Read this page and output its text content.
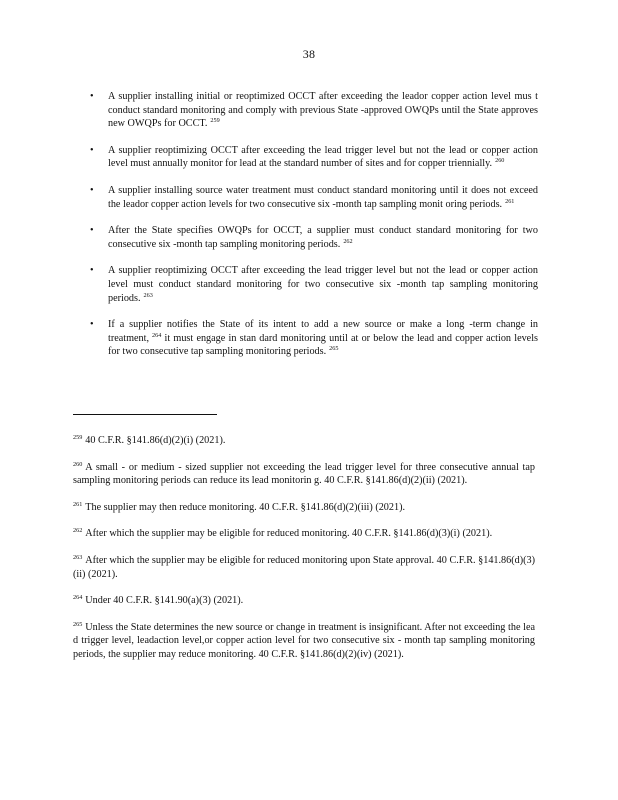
38
• A supplier installing initial or reoptimized OCCT after exceeding the leador copper action level mus t conduct standard monitoring and comply with previous State -approved OWQPs until the State approves new OWQPs for OCCT. $^{259}$
• A supplier reoptimizing OCCT after exceeding the lead trigger level but not the lead or copper action level must annually monitor for lead at the standard number of sites and for copper triennially. $^{260}$
• A supplier installing source water treatment must conduct standard monitoring until it does not exceed the leador copper action levels for two consecutive six -month tap sampling monit oring periods. $^{261}$
• After the State specifies OWQPs for OCCT, a supplier must conduct standard monitoring for two consecutive six -month tap sampling monitoring periods. $^{262}$
• A supplier reoptimizing OCCT after exceeding the lead trigger level but not the lead or copper action level must conduct standard monitoring for two consecutive six -month tap sampling monitoring periods. $^{263}$
• If a supplier notifies the State of its intent to add a new source or make a long -term change in treatment, $^{264}$ it must engage in stan dard monitoring until at or below the lead and copper action levels for two consecutive tap sampling monitoring periods. $^{265}$
$^{259}$ 40 C.F.R. §141.86(d)(2)(i) (2021).
$^{260}$ A small - or medium - sized supplier not exceeding the lead trigger level for three consecutive annual tap sampling monitoring periods can reduce its lead monitorin g. 40 C.F.R. §141.86(d)(2)(ii) (2021).
$^{261}$ The supplier may then reduce monitoring. 40 C.F.R. §141.86(d)(2)(iii) (2021).
$^{262}$ After which the supplier may be eligible for reduced monitoring. 40 C.F.R. §141.86(d)(3)(i) (2021).
$^{263}$ After which the supplier may be eligible for reduced monitoring upon State approval. 40 C.F.R. §141.86(d)(3)(ii) (2021).
$^{264}$ Under 40 C.F.R. §141.90(a)(3) (2021).
$^{265}$ Unless the State determines the new source or change in treatment is insignificant. After not exceeding the lea d trigger level, leadaction level,or copper action level for two consecutive six - month tap sampling monitoring periods, the supplier may reduce monitoring. 40 C.F.R. §141.86(d)(2)(iv) (2021).
